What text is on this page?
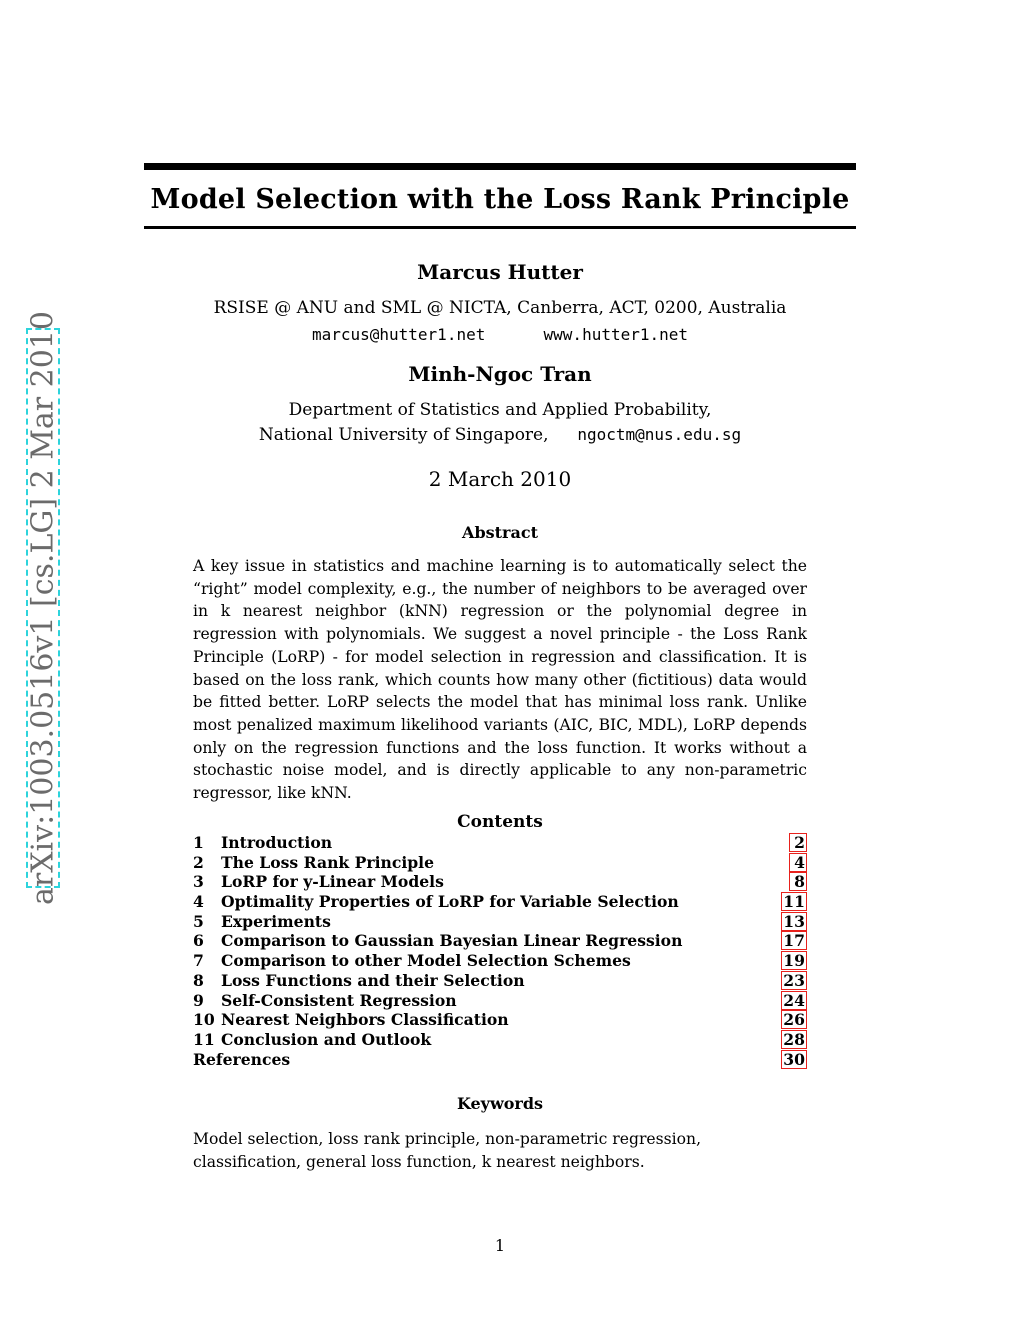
arXiv:1003.0516v1 [cs.LG] 2 Mar 2010
Model Selection with the Loss Rank Principle
Marcus Hutter
RSISE @ ANU and SML @ NICTA, Canberra, ACT, 0200, Australia
marcus@hutter1.net	www.hutter1.net
Minh-Ngoc Tran
Department of Statistics and Applied Probability,
National University of Singapore, ngoctm@nus.edu.sg
2 March 2010
Abstract
A key issue in statistics and machine learning is to automatically select the “right” model complexity, e.g., the number of neighbors to be averaged over in k nearest neighbor (kNN) regression or the polynomial degree in regression with polynomials. We suggest a novel principle - the Loss Rank Principle (LoRP) - for model selection in regression and classification. It is based on the loss rank, which counts how many other (fictitious) data would be fitted better. LoRP selects the model that has minimal loss rank. Unlike most penalized maximum likelihood variants (AIC, BIC, MDL), LoRP depends only on the regression functions and the loss function. It works without a stochastic noise model, and is directly applicable to any non-parametric regressor, like kNN.
Contents
1 Introduction	2
2 The Loss Rank Principle	4
3 LoRP for y-Linear Models	8
4 Optimality Properties of LoRP for Variable Selection	11
5 Experiments	13
6 Comparison to Gaussian Bayesian Linear Regression	17
7 Comparison to other Model Selection Schemes	19
8 Loss Functions and their Selection	23
9 Self-Consistent Regression	24
10 Nearest Neighbors Classification	26
11 Conclusion and Outlook	28
References	30
Keywords
Model selection, loss rank principle, non-parametric regression, classification, general loss function, k nearest neighbors.
1
